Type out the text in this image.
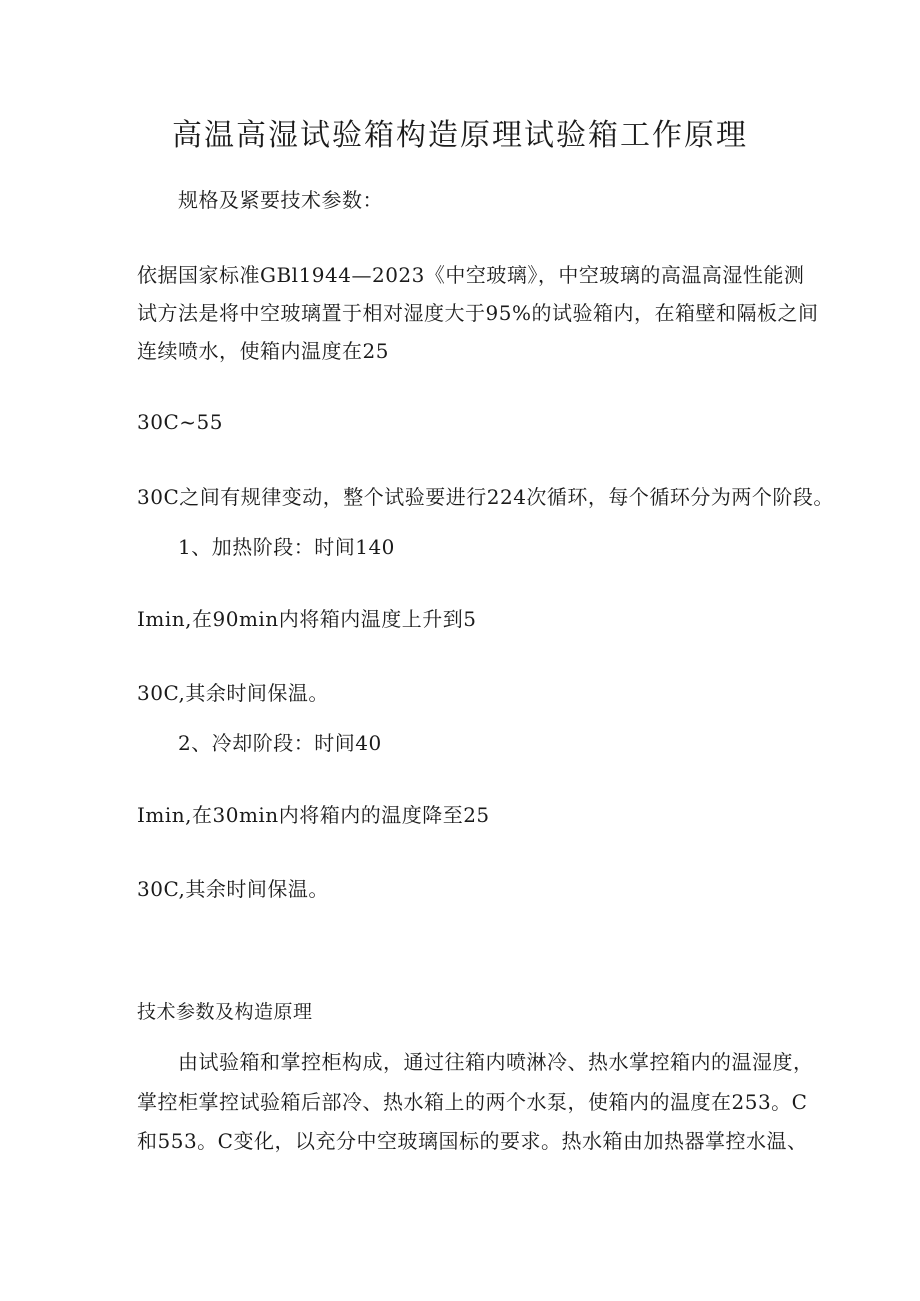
高温高湿试验箱构造原理试验箱工作原理
规格及紧要技术参数：
依据国家标准GBl1944—2023《中空玻璃》，中空玻璃的高温高湿性能测
试方法是将中空玻璃置于相对湿度大于95%的试验箱内，在箱壁和隔板之间
连续喷水，使箱内温度在25
30C~55
30C之间有规律变动，整个试验要进行224次循环，每个循环分为两个阶段。
1、加热阶段：时间140
Imin,在90min内将箱内温度上升到5
30C,其余时间保温。
2、冷却阶段：时间40
Imin,在30min内将箱内的温度降至25
30C,其余时间保温。
技术参数及构造原理
由试验箱和掌控柜构成，通过往箱内喷淋冷、热水掌控箱内的温湿度，
掌控柜掌控试验箱后部冷、热水箱上的两个水泵，使箱内的温度在253。C
和553。C变化，以充分中空玻璃国标的要求。热水箱由加热器掌控水温、
